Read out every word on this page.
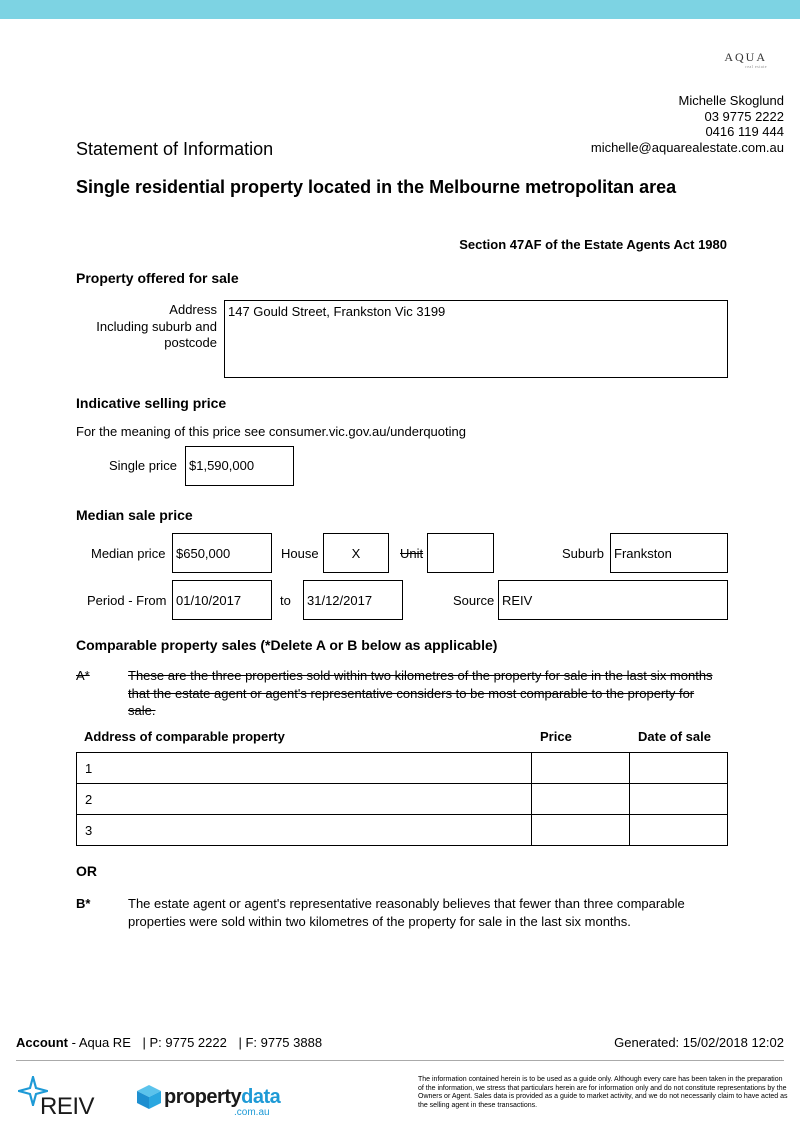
AQUA
real estate
Michelle Skoglund
03 9775 2222
0416 119 444
michelle@aquarealestate.com.au
Statement of Information
Single residential property located in the Melbourne metropolitan area
Section 47AF of the Estate Agents Act 1980
Property offered for sale
Address
Including suburb and
postcode
147 Gould Street, Frankston Vic 3199
Indicative selling price
For the meaning of this price see consumer.vic.gov.au/underquoting
Single price $1,590,000
Median sale price
Median price $650,000	House	X	Unit	Suburb Frankston
Period - From 01/10/2017	to	31/12/2017	Source REIV
Comparable property sales (*Delete A or B below as applicable)
A*	These are the three properties sold within two kilometres of the property for sale in the last six months that the estate agent or agent's representative considers to be most comparable to the property for sale.
Address of comparable property	Price	Date of sale
1		
2		
3		
OR
B*	The estate agent or agent's representative reasonably believes that fewer than three comparable properties were sold within two kilometres of the property for sale in the last six months.
Account - Aqua RE | P: 9775 2222 | F: 9775 3888	Generated: 15/02/2018 12:02
REIV	propertydata
.com.au
The information contained herein is to be used as a guide only. Although every care has been taken in the preparation of the information, we stress that particulars herein are for information only and do not constitute representations by the Owners or Agent. Sales data is provided as a guide to market activity, and we do not necessarily claim to have acted as the selling agent in these transactions.
